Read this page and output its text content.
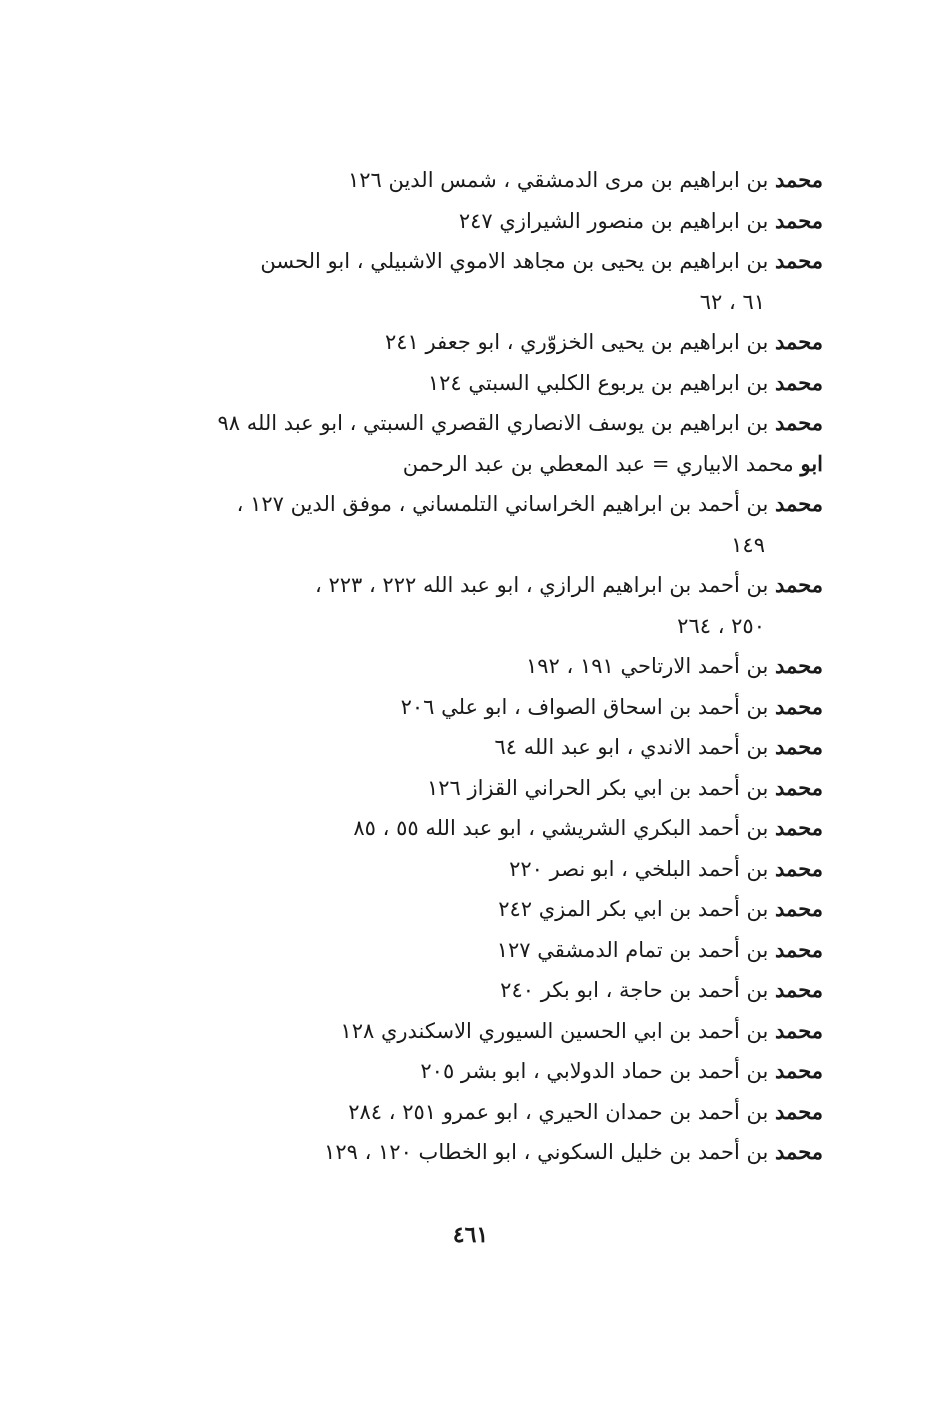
محمد بن ابراهيم بن مرى الدمشقي ، شمس الدين ١٢٦
محمد بن ابراهيم بن منصور الشيرازي ٢٤٧
محمد بن ابراهيم بن يحيى بن مجاهد الاموي الاشبيلي ، ابو الحسن
٦١ ، ٦٢
محمد بن ابراهيم بن يحيى الخزوّري ، ابو جعفر ٢٤١
محمد بن ابراهيم بن يربوع الكلبي السبتي ١٢٤
محمد بن ابراهيم بن يوسف الانصاري القصري السبتي ، ابو عبد الله ٩٨
ابو محمد الابياري = عبد المعطي بن عبد الرحمن
محمد بن أحمد بن ابراهيم الخراساني التلمساني ، موفق الدين ١٢٧ ،
١٤٩
محمد بن أحمد بن ابراهيم الرازي ، ابو عبد الله ٢٢٢ ، ٢٢٣ ،
٢٥٠ ، ٢٦٤
محمد بن أحمد الارتاحي ١٩١ ، ١٩٢
محمد بن أحمد بن اسحاق الصواف ، ابو علي ٢٠٦
محمد بن أحمد الاندي ، ابو عبد الله ٦٤
محمد بن أحمد بن ابي بكر الحراني القزاز ١٢٦
محمد بن أحمد البكري الشريشي ، ابو عبد الله ٥٥ ، ٨٥
محمد بن أحمد البلخي ، ابو نصر ٢٢٠
محمد بن أحمد بن ابي بكر المزي ٢٤٢
محمد بن أحمد بن تمام الدمشقي ١٢٧
محمد بن أحمد بن حاجة ، ابو بكر ٢٤٠
محمد بن أحمد بن ابي الحسين السيوري الاسكندري ١٢٨
محمد بن أحمد بن حماد الدولابي ، ابو بشر ٢٠٥
محمد بن أحمد بن حمدان الحيري ، ابو عمرو ٢٥١ ، ٢٨٤
محمد بن أحمد بن خليل السكوني ، ابو الخطاب ١٢٠ ، ١٢٩
٤٦١
